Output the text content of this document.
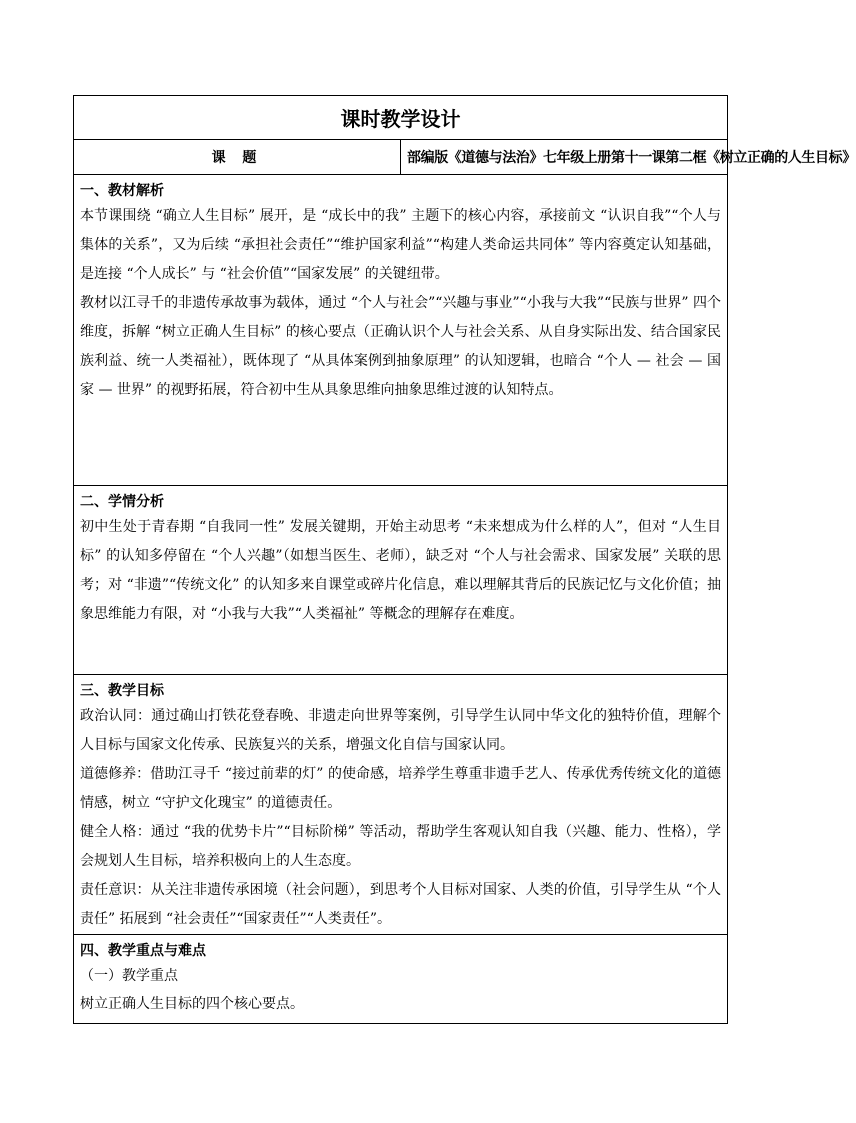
课时教学设计
课 题	部编版《道德与法治》七年级上册第十一课第二框《树立正确的人生目标》

一、教材解析

本节课围绕 “确立人生目标” 展开，是 “成长中的我” 主题下的核心内容，承接前文 “认识自我”“个人与集体的关系”，又为后续 “承担社会责任”“维护国家利益”“构建人类命运共同体” 等内容奠定认知基础，是连接 “个人成长” 与 “社会价值”“国家发展” 的关键纽带。

教材以江寻千的非遗传承故事为载体，通过 “个人与社会”“兴趣与事业”“小我与大我”“民族与世界” 四个维度，拆解 “树立正确人生目标” 的核心要点（正确认识个人与社会关系、从自身实际出发、结合国家民族利益、统一人类福祉），既体现了 “从具体案例到抽象原理” 的认知逻辑，也暗合 “个人 — 社会 — 国家 — 世界” 的视野拓展，符合初中生从具象思维向抽象思维过渡的认知特点。

二、学情分析

初中生处于青春期 “自我同一性” 发展关键期，开始主动思考 “未来想成为什么样的人”，但对 “人生目标” 的认知多停留在 “个人兴趣”（如想当医生、老师），缺乏对 “个人与社会需求、国家发展” 关联的思考；对 “非遗”“传统文化” 的认知多来自课堂或碎片化信息，难以理解其背后的民族记忆与文化价值；抽象思维能力有限，对 “小我与大我”“人类福祉” 等概念的理解存在难度。

三、教学目标

政治认同：通过确山打铁花登春晚、非遗走向世界等案例，引导学生认同中华文化的独特价值，理解个人目标与国家文化传承、民族复兴的关系，增强文化自信与国家认同。

道德修养：借助江寻千 “接过前辈的灯” 的使命感，培养学生尊重非遗手艺人、传承优秀传统文化的道德情感，树立 “守护文化瑰宝” 的道德责任。

健全人格：通过 “我的优势卡片”“目标阶梯” 等活动，帮助学生客观认知自我（兴趣、能力、性格），学会规划人生目标，培养积极向上的人生态度。

责任意识：从关注非遗传承困境（社会问题），到思考个人目标对国家、人类的价值，引导学生从 “个人责任” 拓展到 “社会责任”“国家责任”“人类责任”。

四、教学重点与难点

（一）教学重点

树立正确人生目标的四个核心要点。
